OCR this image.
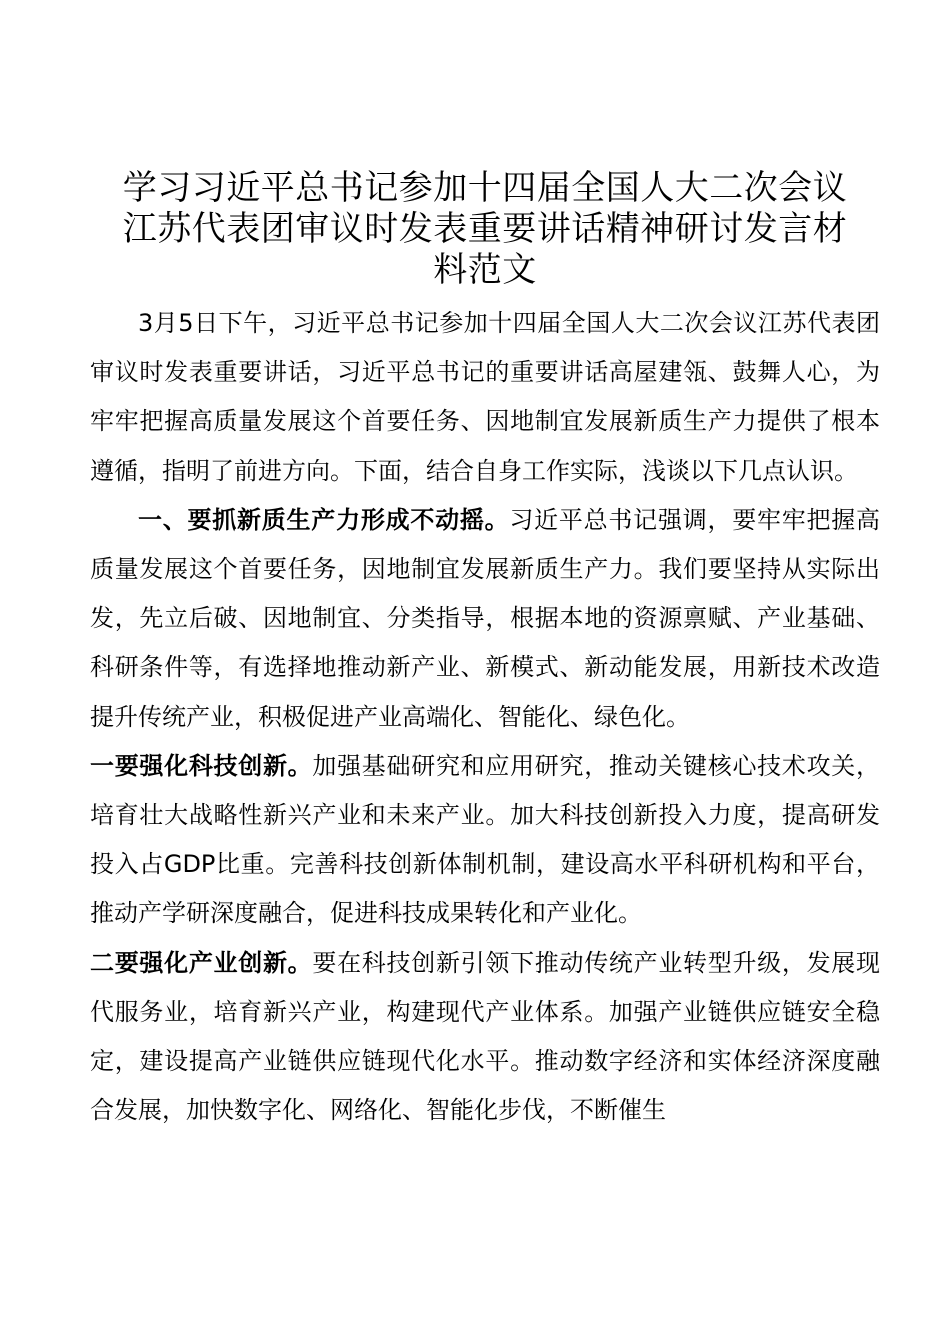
学习习近平总书记参加十四届全国人大二次会议
江苏代表团审议时发表重要讲话精神研讨发言材
料范文

3月5日下午，习近平总书记参加十四届全国人大二次会议江苏代表团审议时发表重要讲话，习近平总书记的重要讲话高屋建瓴、鼓舞人心，为牢牢把握高质量发展这个首要任务、因地制宜发展新质生产力提供了根本遵循，指明了前进方向。下面，结合自身工作实际，浅谈以下几点认识。

一、要抓新质生产力形成不动摇。习近平总书记强调，要牢牢把握高质量发展这个首要任务，因地制宜发展新质生产力。我们要坚持从实际出发，先立后破、因地制宜、分类指导，根据本地的资源禀赋、产业基础、科研条件等，有选择地推动新产业、新模式、新动能发展，用新技术改造提升传统产业，积极促进产业高端化、智能化、绿色化。

一要强化科技创新。加强基础研究和应用研究，推动关键核心技术攻关，培育壮大战略性新兴产业和未来产业。加大科技创新投入力度，提高研发投入占GDP比重。完善科技创新体制机制，建设高水平科研机构和平台，推动产学研深度融合，促进科技成果转化和产业化。

二要强化产业创新。要在科技创新引领下推动传统产业转型升级，发展现代服务业，培育新兴产业，构建现代产业体系。加强产业链供应链安全稳定，建设提高产业链供应链现代化水平。推动数字经济和实体经济深度融合发展，加快数字化、网络化、智能化步伐，不断催生
